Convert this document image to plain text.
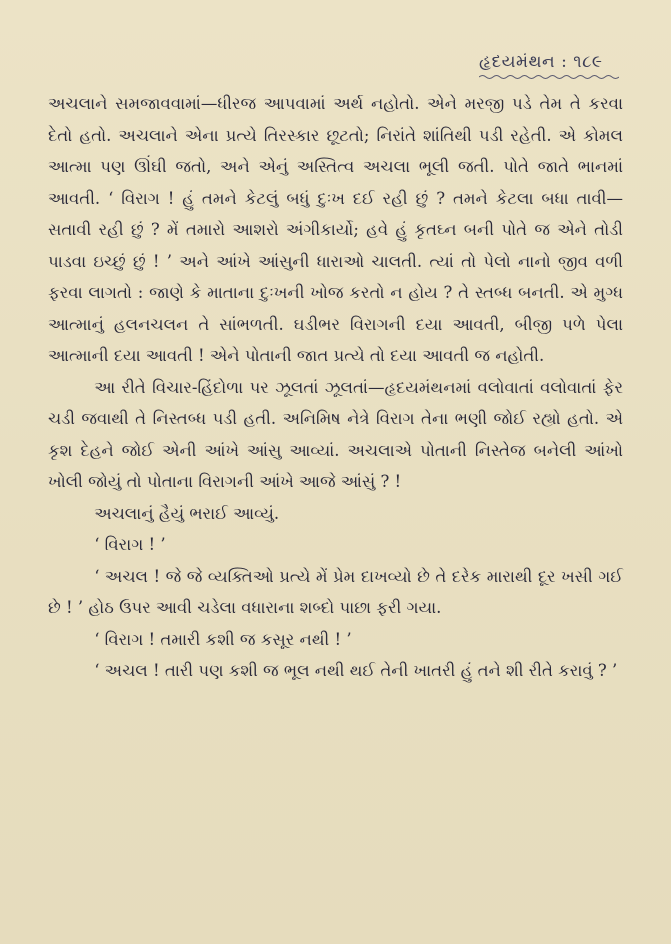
હૃદયમંથન : ૧૮૯

અચલાને સમજાવવામાં—ધીરજ આપવામાં અર્થ નહોતો. એને મરજી પડે તેમ તે કરવા દેતો હતો. અચલાને એના પ્રત્યે તિરસ્કાર છૂટતો; નિરાંતે શાંતિથી પડી રહેતી. એ કોમલ આત્મા પણ ઊંઘી જતો, અને એનું અસ્તિત્વ અચલા ભૂલી જતી. પોતે જાતે ભાનમાં આવતી. ‘ વિરાગ ! હું તમને કેટલું બધું દુઃખ દઈ રહી છું ? તમને કેટલા બધા તાવી—સતાવી રહી છું ? મેં તમારો આશરો અંગીકાર્યો; હવે હું કૃતઘ્ન બની પોતે જ એને તોડી પાડવા ઇચ્છું છું ! ’ અને આંખે આંસુની ધારાઓ ચાલતી. ત્યાં તો પેલો નાનો જીવ વળી ફરવા લાગતો : જાણે કે માતાના દુઃખની ખોજ કરતો ન હોય ? તે સ્તબ્ધ બનતી. એ મુગ્ધ આત્માનું હલનચલન તે સાંભળતી. ઘડીભર વિરાગની દયા આવતી, બીજી પળે પેલા આત્માની દયા આવતી ! એને પોતાની જાત પ્રત્યે તો દયા આવતી જ નહોતી.

આ રીતે વિચાર-હિંદોળા પર ઝૂલતાં ઝૂલતાં—હૃદયમંથનમાં વલોવાતાં વલોવાતાં ફેર ચડી જવાથી તે નિસ્તબ્ધ પડી હતી. અનિમિષ નેત્રે વિરાગ તેના ભણી જોઈ રહ્યો હતો. એ કૃશ દેહને જોઈ એની આંખે આંસુ આવ્યાં. અચલાએ પોતાની નિસ્તેજ બનેલી આંખો ખોલી જોયું તો પોતાના વિરાગની આંખે આજે આંસું ? !

અચલાનું હૈયું ભરાઈ આવ્યું.

‘ વિરાગ ! ’

‘ અચલ ! જે જે વ્યક્તિઓ પ્રત્યે મેં પ્રેમ દાખવ્યો છે તે દરેક મારાથી દૂર ખસી ગઈ છે ! ’ હોઠ ઉપર આવી ચડેલા વધારાના શબ્દો પાછા ફરી ગયા.

‘ વિરાગ ! તમારી કશી જ કસૂર નથી ! ’

‘ અચલ ! તારી પણ કશી જ ભૂલ નથી થઈ તેની ખાતરી હું તને શી રીતે કરાવું ? ’
